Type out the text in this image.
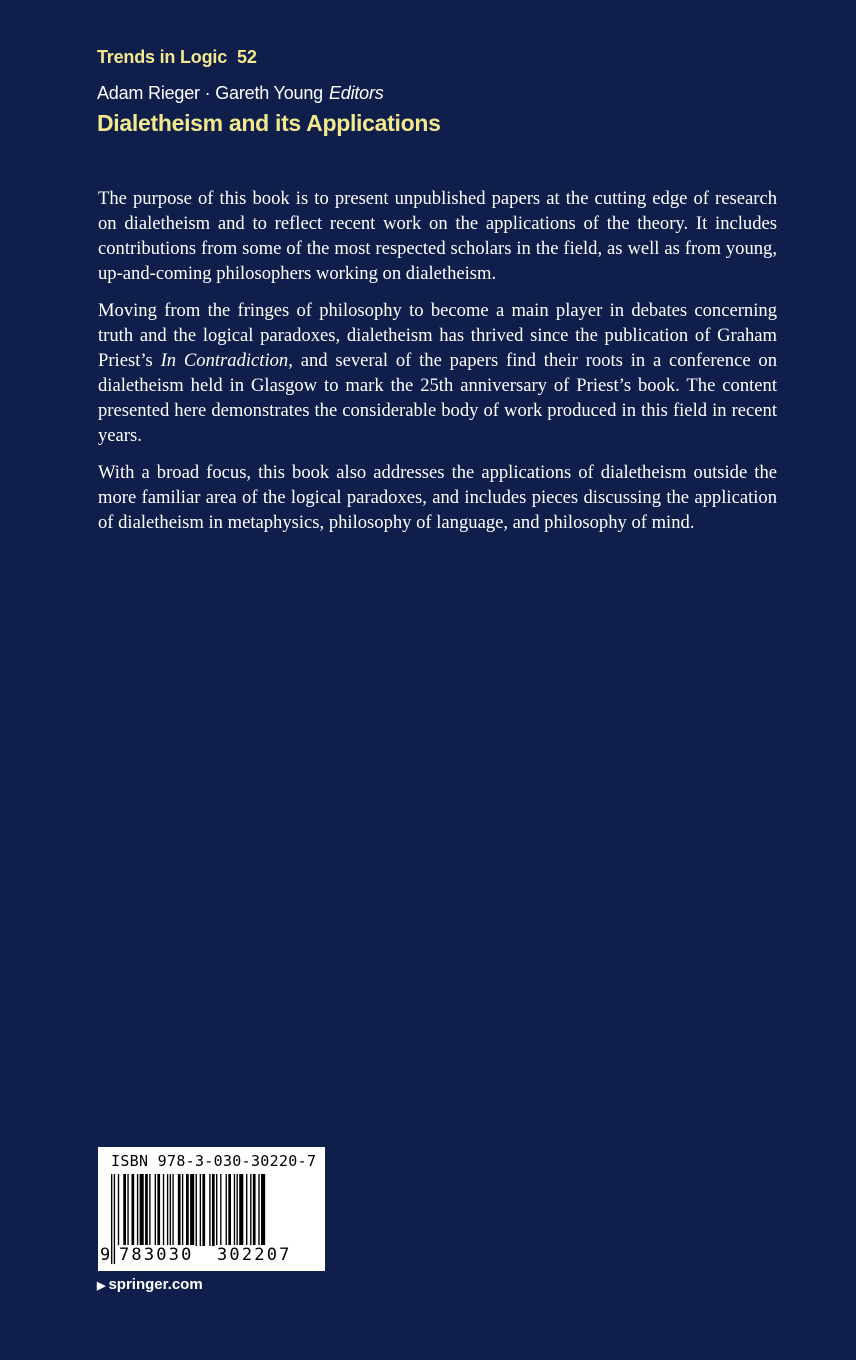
Trends in Logic 52
Adam Rieger · Gareth Young Editors
Dialetheism and its Applications

The purpose of this book is to present unpublished papers at the cutting edge of research on dialetheism and to reflect recent work on the applications of the theory. It includes contributions from some of the most respected scholars in the field, as well as from young, up-and-coming philosophers working on dialetheism.

Moving from the fringes of philosophy to become a main player in debates concerning truth and the logical paradoxes, dialetheism has thrived since the publication of Graham Priest’s In Contradiction, and several of the papers find their roots in a conference on dialetheism held in Glasgow to mark the 25th anniversary of Priest’s book. The content presented here demonstrates the considerable body of work produced in this field in recent years.

With a broad focus, this book also addresses the applications of dialetheism outside the more familiar area of the logical paradoxes, and includes pieces discussing the application of dialetheism in metaphysics, philosophy of language, and philosophy of mind.

ISBN 978-3-030-30220-7
9 783030 302207
▶ springer.com
